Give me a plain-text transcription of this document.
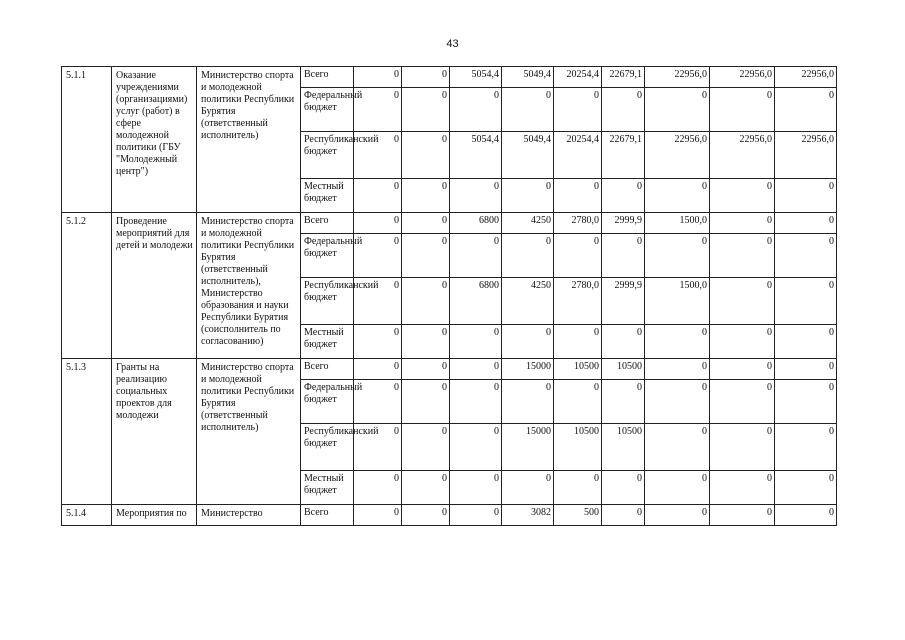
43
5.1.1	Оказание учреждениями (организациями) услуг (работ) в сфере молодежной политики (ГБУ "Молодежный центр")	Министерство спорта и молодежной политики Республики Бурятия (ответственный исполнитель)	Всего	0	0	5054,4	5049,4	20254,4	22679,1	22956,0	22956,0	22956,0
			Федеральный бюджет	0	0	0	0	0	0	0	0	0
			Республиканский бюджет	0	0	5054,4	5049,4	20254,4	22679,1	22956,0	22956,0	22956,0
			Местный бюджет	0	0	0	0	0	0	0	0	0
5.1.2	Проведение мероприятий для детей и молодежи	Министерство спорта и молодежной политики Республики Бурятия (ответственный исполнитель), Министерство образования и науки Республики Бурятия (соисполнитель по согласованию)	Всего	0	0	6800	4250	2780,0	2999,9	1500,0	0	0
			Федеральный бюджет	0	0	0	0	0	0	0	0	0
			Республиканский бюджет	0	0	6800	4250	2780,0	2999,9	1500,0	0	0
			Местный бюджет	0	0	0	0	0	0	0	0	0
5.1.3	Гранты на реализацию социальных проектов для молодежи	Министерство спорта и молодежной политики Республики Бурятия (ответственный исполнитель)	Всего	0	0	0	15000	10500	10500	0	0	0
			Федеральный бюджет	0	0	0	0	0	0	0	0	0
			Республиканский бюджет	0	0	0	15000	10500	10500	0	0	0
			Местный бюджет	0	0	0	0	0	0	0	0	0
5.1.4	Мероприятия по	Министерство	Всего	0	0	0	3082	500	0	0	0	0
